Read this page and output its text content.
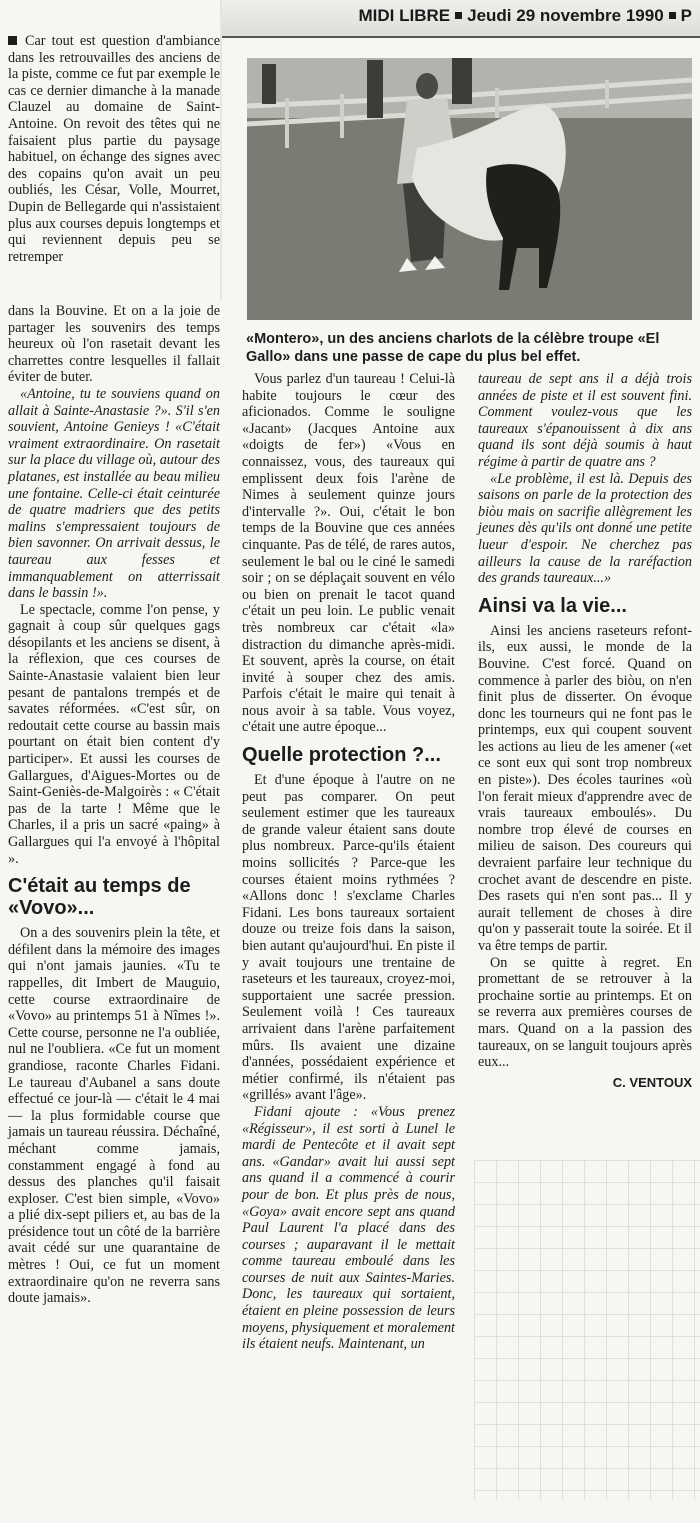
MIDI LIBRE Jeudi 29 novembre 1990 P

Car tout est question d'ambiance dans les retrouvailles des anciens de la piste, comme ce fut par exemple le cas ce dernier dimanche à la manade Clauzel au domaine de Saint-Antoine. On revoit des têtes qui ne faisaient plus partie du paysage habituel, on échange des signes avec des copains qu'on avait un peu oubliés, les César, Volle, Mourret, Dupin de Bellegarde qui n'assistaient plus aux courses depuis longtemps et qui reviennent depuis peu se retremper

dans la Bouvine. Et on a la joie de partager les souvenirs des temps heureux où l'on rasetait devant les charrettes contre lesquelles il fallait éviter de buter.

«Antoine, tu te souviens quand on allait à Sainte-Anastasie ?». S'il s'en souvient, Antoine Genieys ! «C'était vraiment extraordinaire. On rasetait sur la place du village où, autour des platanes, est installée au beau milieu une fontaine. Celle-ci était ceinturée de quatre madriers que des petits malins s'empressaient toujours de bien savonner. On arrivait dessus, le taureau aux fesses et immanquablement on atterrissait dans le bassin !».

Le spectacle, comme l'on pense, y gagnait à coup sûr quelques gags désopilants et les anciens se disent, à la réflexion, que ces courses de Sainte-Anastasie valaient bien leur pesant de pantalons trempés et de savates réformées. «C'est sûr, on redoutait cette course au bassin mais pourtant on était bien content d'y participer». Et aussi les courses de Gallargues, d'Aigues-Mortes ou de Saint-Geniès-de-Malgoirès : « C'était pas de la tarte ! Même que le Charles, il a pris un sacré «paing» à Gallargues qui l'a envoyé à l'hôpital ».

C'était au temps de «Vovo»...

On a des souvenirs plein la tête, et défilent dans la mémoire des images qui n'ont jamais jaunies. «Tu te rappelles, dit Imbert de Mauguio, cette course extraordinaire de «Vovo» au printemps 51 à Nîmes !». Cette course, personne ne l'a oubliée, nul ne l'oubliera. «Ce fut un moment grandiose, raconte Charles Fidani. Le taureau d'Aubanel a sans doute effectué ce jour-là — c'était le 4 mai — la plus formidable course que jamais un taureau réussira. Déchaîné, méchant comme jamais, constamment engagé à fond au dessus des planches qu'il faisait exploser. C'est bien simple, «Vovo» a plié dix-sept piliers et, au bas de la présidence tout un côté de la barrière avait cédé sur une quarantaine de mètres ! Oui, ce fut un moment extraordinaire qu'on ne reverra sans doute jamais».

«Montero», un des anciens charlots de la célèbre troupe «El Gallo» dans une passe de cape du plus bel effet.

Vous parlez d'un taureau ! Celui-là habite toujours le cœur des aficionados. Comme le souligne «Jacant» (Jacques Antoine aux «doigts de fer») «Vous en connaissez, vous, des taureaux qui emplissent deux fois l'arène de Nimes à seulement quinze jours d'intervalle ?». Oui, c'était le bon temps de la Bouvine que ces années cinquante. Pas de télé, de rares autos, seulement le bal ou le ciné le samedi soir ; on se déplaçait souvent en vélo ou bien on prenait le tacot quand c'était un peu loin. Le public venait très nombreux car c'était «la» distraction du dimanche après-midi. Et souvent, après la course, on était invité à souper chez des amis. Parfois c'était le maire qui tenait à nous avoir à sa table. Vous voyez, c'était une autre époque...

Quelle protection ?...

Et d'une époque à l'autre on ne peut pas comparer. On peut seulement estimer que les taureaux de grande valeur étaient sans doute plus nombreux. Parce-qu'ils étaient moins sollicités ? Parce-que les courses étaient moins rythmées ? «Allons donc ! s'exclame Charles Fidani. Les bons taureaux sortaient douze ou treize fois dans la saison, bien autant qu'aujourd'hui. En piste il y avait toujours une trentaine de raseteurs et les taureaux, croyez-moi, supportaient une sacrée pression. Seulement voilà ! Ces taureaux arrivaient dans l'arène parfaitement mûrs. Ils avaient une dizaine d'années, possédaient expérience et métier confirmé, ils n'étaient pas «grillés» avant l'âge».

Fidani ajoute : «Vous prenez «Régisseur», il est sorti à Lunel le mardi de Pentecôte et il avait sept ans. «Gandar» avait lui aussi sept ans quand il a commencé à courir pour de bon. Et plus près de nous, «Goya» avait encore sept ans quand Paul Laurent l'a placé dans des courses ; auparavant il le mettait comme taureau emboulé dans les courses de nuit aux Saintes-Maries. Donc, les taureaux qui sortaient, étaient en pleine possession de leurs moyens, physiquement et moralement ils étaient neufs. Maintenant, un

taureau de sept ans il a déjà trois années de piste et il est souvent fini. Comment voulez-vous que les taureaux s'épanouissent à dix ans quand ils sont déjà soumis à haut régime à partir de quatre ans ?

«Le problème, il est là. Depuis des saisons on parle de la protection des biòu mais on sacrifie allègrement les jeunes dès qu'ils ont donné une petite lueur d'espoir. Ne cherchez pas ailleurs la cause de la raréfaction des grands taureaux...»

Ainsi va la vie...

Ainsi les anciens raseteurs refont-ils, eux aussi, le monde de la Bouvine. C'est forcé. Quand on commence à parler des biòu, on n'en finit plus de disserter. On évoque donc les tourneurs qui ne font pas le printemps, eux qui coupent souvent les actions au lieu de les amener («et ce sont eux qui sont trop nombreux en piste»). Des écoles taurines «où l'on ferait mieux d'apprendre avec de vrais taureaux emboulés». Du nombre trop élevé de courses en milieu de saison. Des coureurs qui devraient parfaire leur technique du crochet avant de descendre en piste. Des rasets qui n'en sont pas... Il y aurait tellement de choses à dire qu'on y passerait toute la soirée. Et il va être temps de partir.

On se quitte à regret. En promettant de se retrouver à la prochaine sortie au printemps. Et on se reverra aux premières courses de mars. Quand on a la passion des taureaux, on se languit toujours après eux...

C. VENTOUX
